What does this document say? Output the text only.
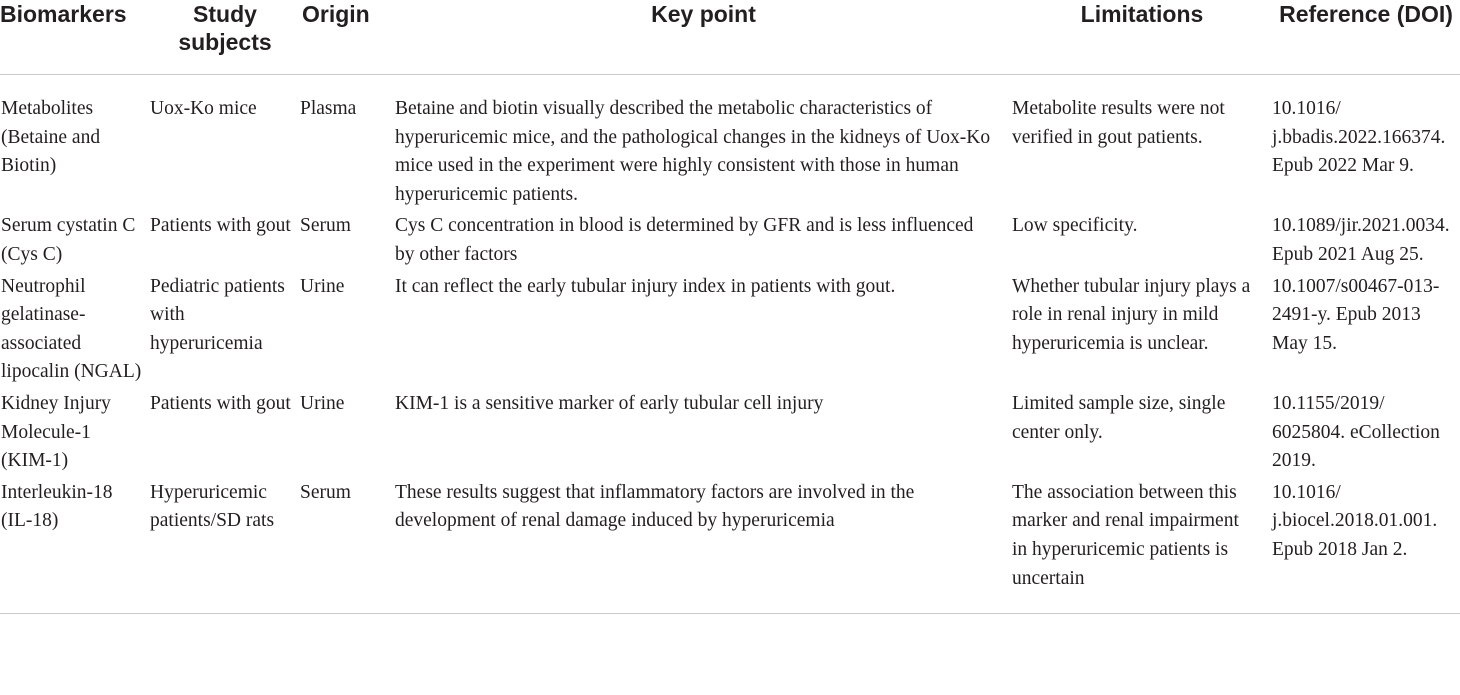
Biomarkers	Study subjects	Origin	Key point	Limitations	Reference (DOI)
Metabolites (Betaine and Biotin)	Uox-Ko mice	Plasma	Betaine and biotin visually described the metabolic characteristics of hyperuricemic mice, and the pathological changes in the kidneys of Uox-Ko mice used in the experiment were highly consistent with those in human hyperuricemic patients.	Metabolite results were not verified in gout patients.	10.1016/ j.bbadis.2022.166374. Epub 2022 Mar 9.
Serum cystatin C (Cys C)	Patients with gout	Serum	Cys C concentration in blood is determined by GFR and is less influenced by other factors	Low specificity.	10.1089/jir.2021.0034. Epub 2021 Aug 25.
Neutrophil gelatinase-associated lipocalin (NGAL)	Pediatric patients with hyperuricemia	Urine	It can reflect the early tubular injury index in patients with gout.	Whether tubular injury plays a role in renal injury in mild hyperuricemia is unclear.	10.1007/s00467-013-2491-y. Epub 2013 May 15.
Kidney Injury Molecule-1 (KIM-1)	Patients with gout	Urine	KIM-1 is a sensitive marker of early tubular cell injury	Limited sample size, single center only.	10.1155/2019/ 6025804. eCollection 2019.
Interleukin-18 (IL-18)	Hyperuricemic patients/SD rats	Serum	These results suggest that inflammatory factors are involved in the development of renal damage induced by hyperuricemia	The association between this marker and renal impairment in hyperuricemic patients is uncertain	10.1016/ j.biocel.2018.01.001. Epub 2018 Jan 2.
